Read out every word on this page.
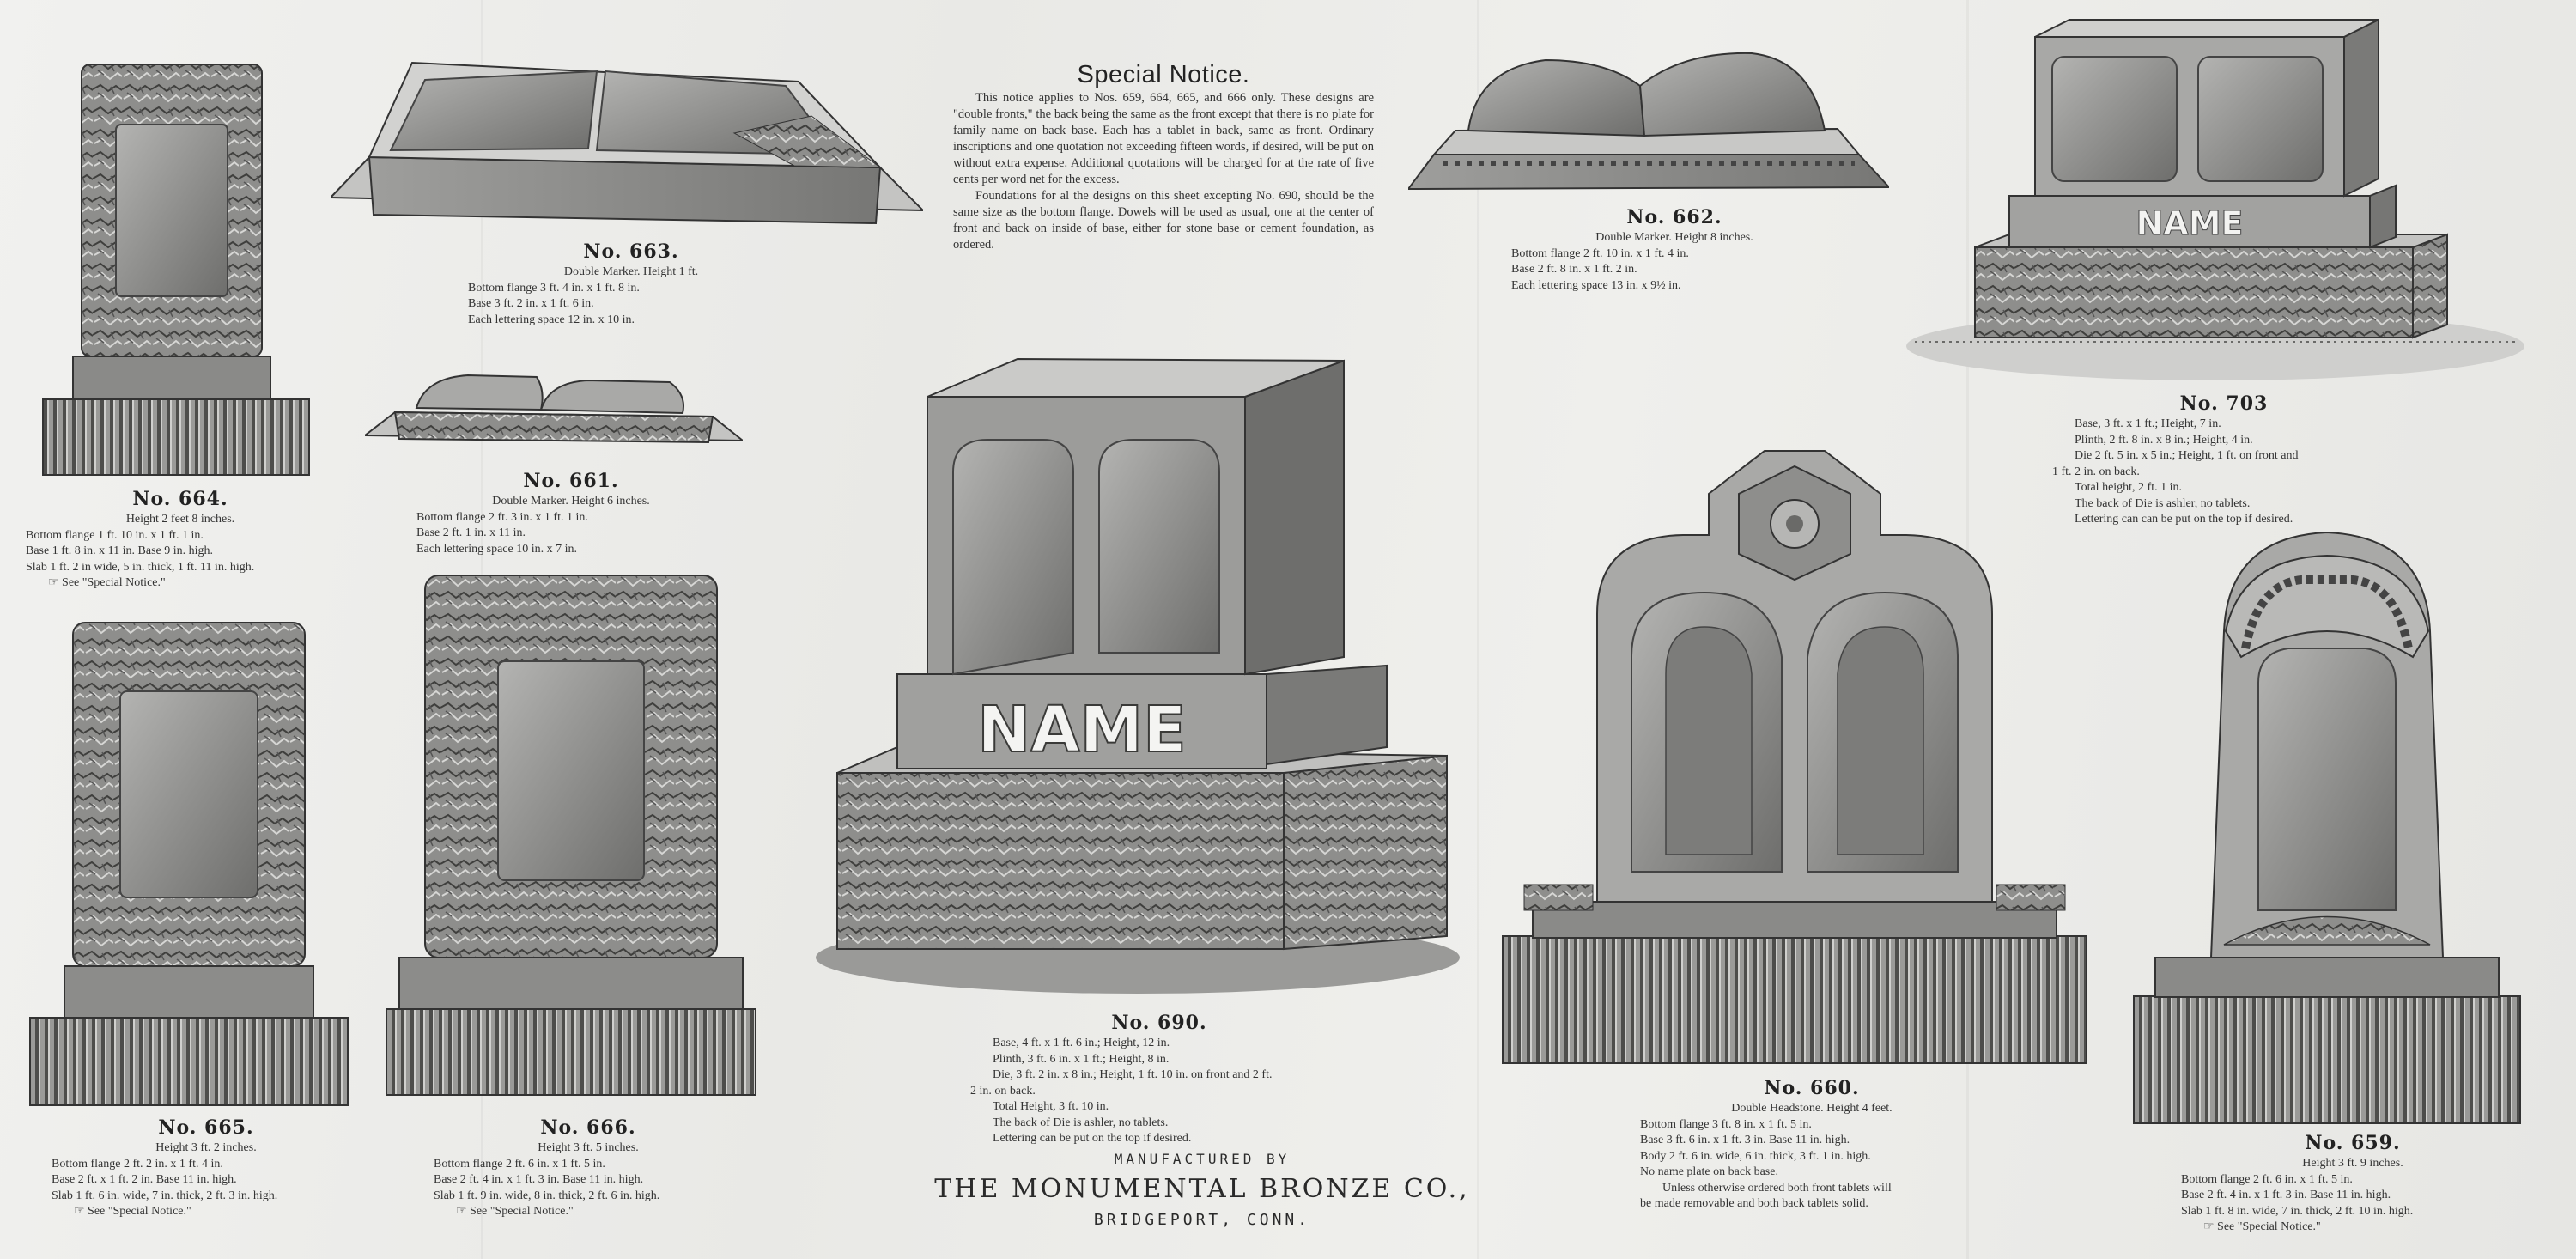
No. 664.
Height 2 feet 8 inches.
Bottom flange 1 ft. 10 in. x 1 ft. 1 in.
Base 1 ft. 8 in. x 11 in. Base 9 in. high.
Slab 1 ft. 2 in wide, 5 in. thick, 1 ft. 11 in. high.
☞ See "Special Notice."
No. 663.
Double Marker. Height 1 ft.
Bottom flange 3 ft. 4 in. x 1 ft. 8 in.
Base 3 ft. 2 in. x 1 ft. 6 in.
Each lettering space 12 in. x 10 in.
No. 661.
Double Marker. Height 6 inches.
Bottom flange 2 ft. 3 in. x 1 ft. 1 in.
Base 2 ft. 1 in. x 11 in.
Each lettering space 10 in. x 7 in.
Special Notice.

This notice applies to Nos. 659, 664, 665, and 666 only. These designs are "double fronts," the back being the same as the front except that there is no plate for family name on back base. Each has a tablet in back, same as front. Ordinary inscriptions and one quotation not exceeding fifteen words, if desired, will be put on without extra expense. Additional quotations will be charged for at the rate of five cents per word net for the excess.

Foundations for al the designs on this sheet excepting No. 690, should be the same size as the bottom flange. Dowels will be used as usual, one at the center of front and back on inside of base, either for stone base or cement foundation, as ordered.

No. 662.
Double Marker. Height 8 inches.
Bottom flange 2 ft. 10 in. x 1 ft. 4 in.
Base 2 ft. 8 in. x 1 ft. 2 in.
Each lettering space 13 in. x 9½ in.
NAME
No. 703
Base, 3 ft. x 1 ft.; Height, 7 in.
Plinth, 2 ft. 8 in. x 8 in.; Height, 4 in.
Die 2 ft. 5 in. x 5 in.; Height, 1 ft. on front and
1 ft. 2 in. on back.
Total height, 2 ft. 1 in.
The back of Die is ashler, no tablets.
Lettering can can be put on the top if desired.
No. 665.
Height 3 ft. 2 inches.
Bottom flange 2 ft. 2 in. x 1 ft. 4 in.
Base 2 ft. x 1 ft. 2 in. Base 11 in. high.
Slab 1 ft. 6 in. wide, 7 in. thick, 2 ft. 3 in. high.
☞ See "Special Notice."
No. 666.
Height 3 ft. 5 inches.
Bottom flange 2 ft. 6 in. x 1 ft. 5 in.
Base 2 ft. 4 in. x 1 ft. 3 in. Base 11 in. high.
Slab 1 ft. 9 in. wide, 8 in. thick, 2 ft. 6 in. high.
☞ See "Special Notice."
NAME
No. 690.
Base, 4 ft. x 1 ft. 6 in.; Height, 12 in.
Plinth, 3 ft. 6 in. x 1 ft.; Height, 8 in.
Die, 3 ft. 2 in. x 8 in.; Height, 1 ft. 10 in. on front and 2 ft.
2 in. on back.
Total Height, 3 ft. 10 in.
The back of Die is ashler, no tablets.
Lettering can be put on the top if desired.
No. 660.
Double Headstone. Height 4 feet.
Bottom flange 3 ft. 8 in. x 1 ft. 5 in.
Base 3 ft. 6 in. x 1 ft. 3 in. Base 11 in. high.
Body 2 ft. 6 in. wide, 6 in. thick, 3 ft. 1 in. high.
No name plate on back base.
Unless otherwise ordered both front tablets will
be made removable and both back tablets solid.
No. 659.
Height 3 ft. 9 inches.
Bottom flange 2 ft. 6 in. x 1 ft. 5 in.
Base 2 ft. 4 in. x 1 ft. 3 in. Base 11 in. high.
Slab 1 ft. 8 in. wide, 7 in. thick, 2 ft. 10 in. high.
☞ See "Special Notice."
MANUFACTURED BY
THE MONUMENTAL BRONZE CO.,
BRIDGEPORT, CONN.
